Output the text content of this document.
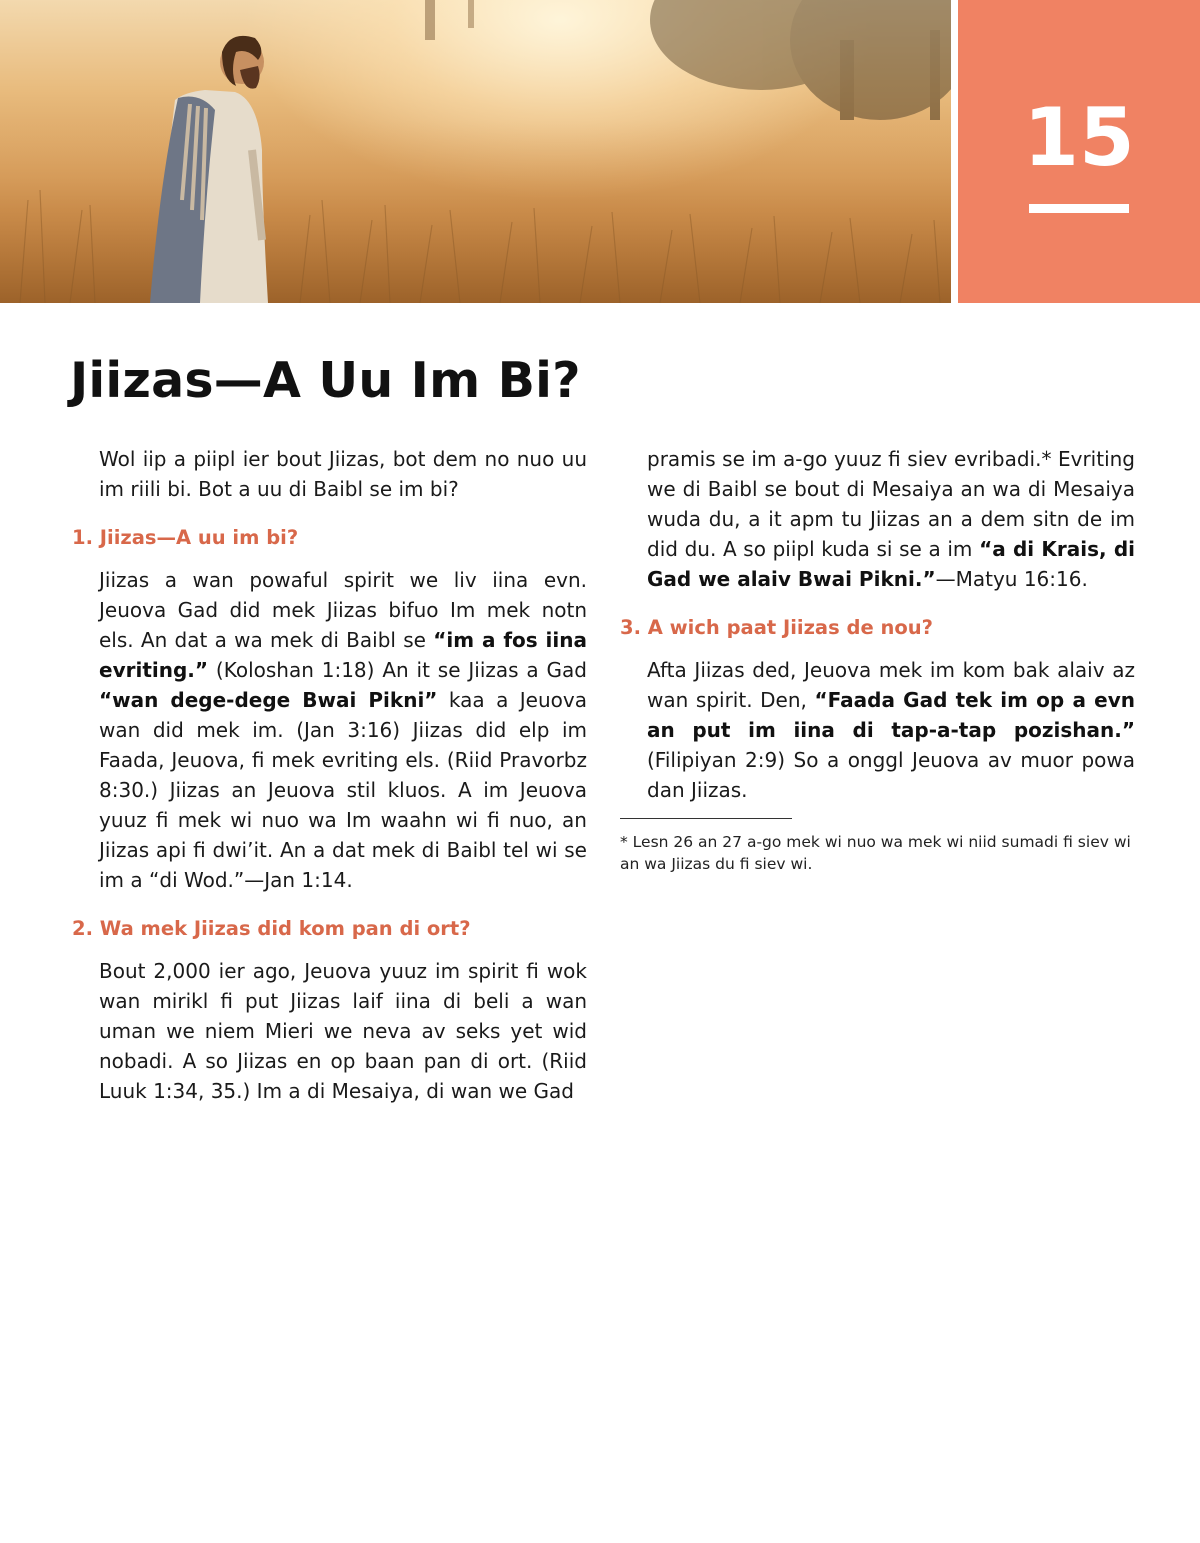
15
Jiizas—A Uu Im Bi?

Wol iip a piipl ier bout Jiizas, bot dem no nuo uu im riili bi. Bot a uu di Baibl se im bi?

1. Jiizas—A uu im bi?

Jiizas a wan powaful spirit we liv iina evn. Jeuova Gad did mek Jiizas bifuo Im mek notn els. An dat a wa mek di Baibl se “im a fos iina evriting.” (Koloshan 1:18) An it se Jiizas a Gad “wan dege-dege Bwai Pikni” kaa a Jeuova wan did mek im. (Jan 3:16) Jiizas did elp im Faada, Jeuova, fi mek evriting els. (Riid Pravorbz 8:30.) Jiizas an Jeuova stil kluos. A im Jeuova yuuz fi mek wi nuo wa Im waahn wi fi nuo, an Jiizas api fi dwi’it. An a dat mek di Baibl tel wi se im a “di Wod.”—Jan 1:14.

2. Wa mek Jiizas did kom pan di ort?

Bout 2,000 ier ago, Jeuova yuuz im spirit fi wok wan mirikl fi put Jiizas laif iina di beli a wan uman we niem Mieri we neva av seks yet wid nobadi. A so Jiizas en op baan pan di ort. (Riid Luuk 1:34, 35.) Im a di Mesaiya, di wan we Gad

pramis se im a-go yuuz fi siev evribadi.* Evriting we di Baibl se bout di Mesaiya an wa di Mesaiya wuda du, a it apm tu Jiizas an a dem sitn de im did du. A so piipl kuda si se a im “a di Krais, di Gad we alaiv Bwai Pikni.”—Matyu 16:16.

3. A wich paat Jiizas de nou?

Afta Jiizas ded, Jeuova mek im kom bak alaiv az wan spirit. Den, “Faada Gad tek im op a evn an put im iina di tap-a-tap pozishan.” (Filipiyan 2:9) So a onggl Jeuova av muor powa dan Jiizas.

* Lesn 26 an 27 a-go mek wi nuo wa mek wi niid sumadi fi siev wi an wa Jiizas du fi siev wi.
